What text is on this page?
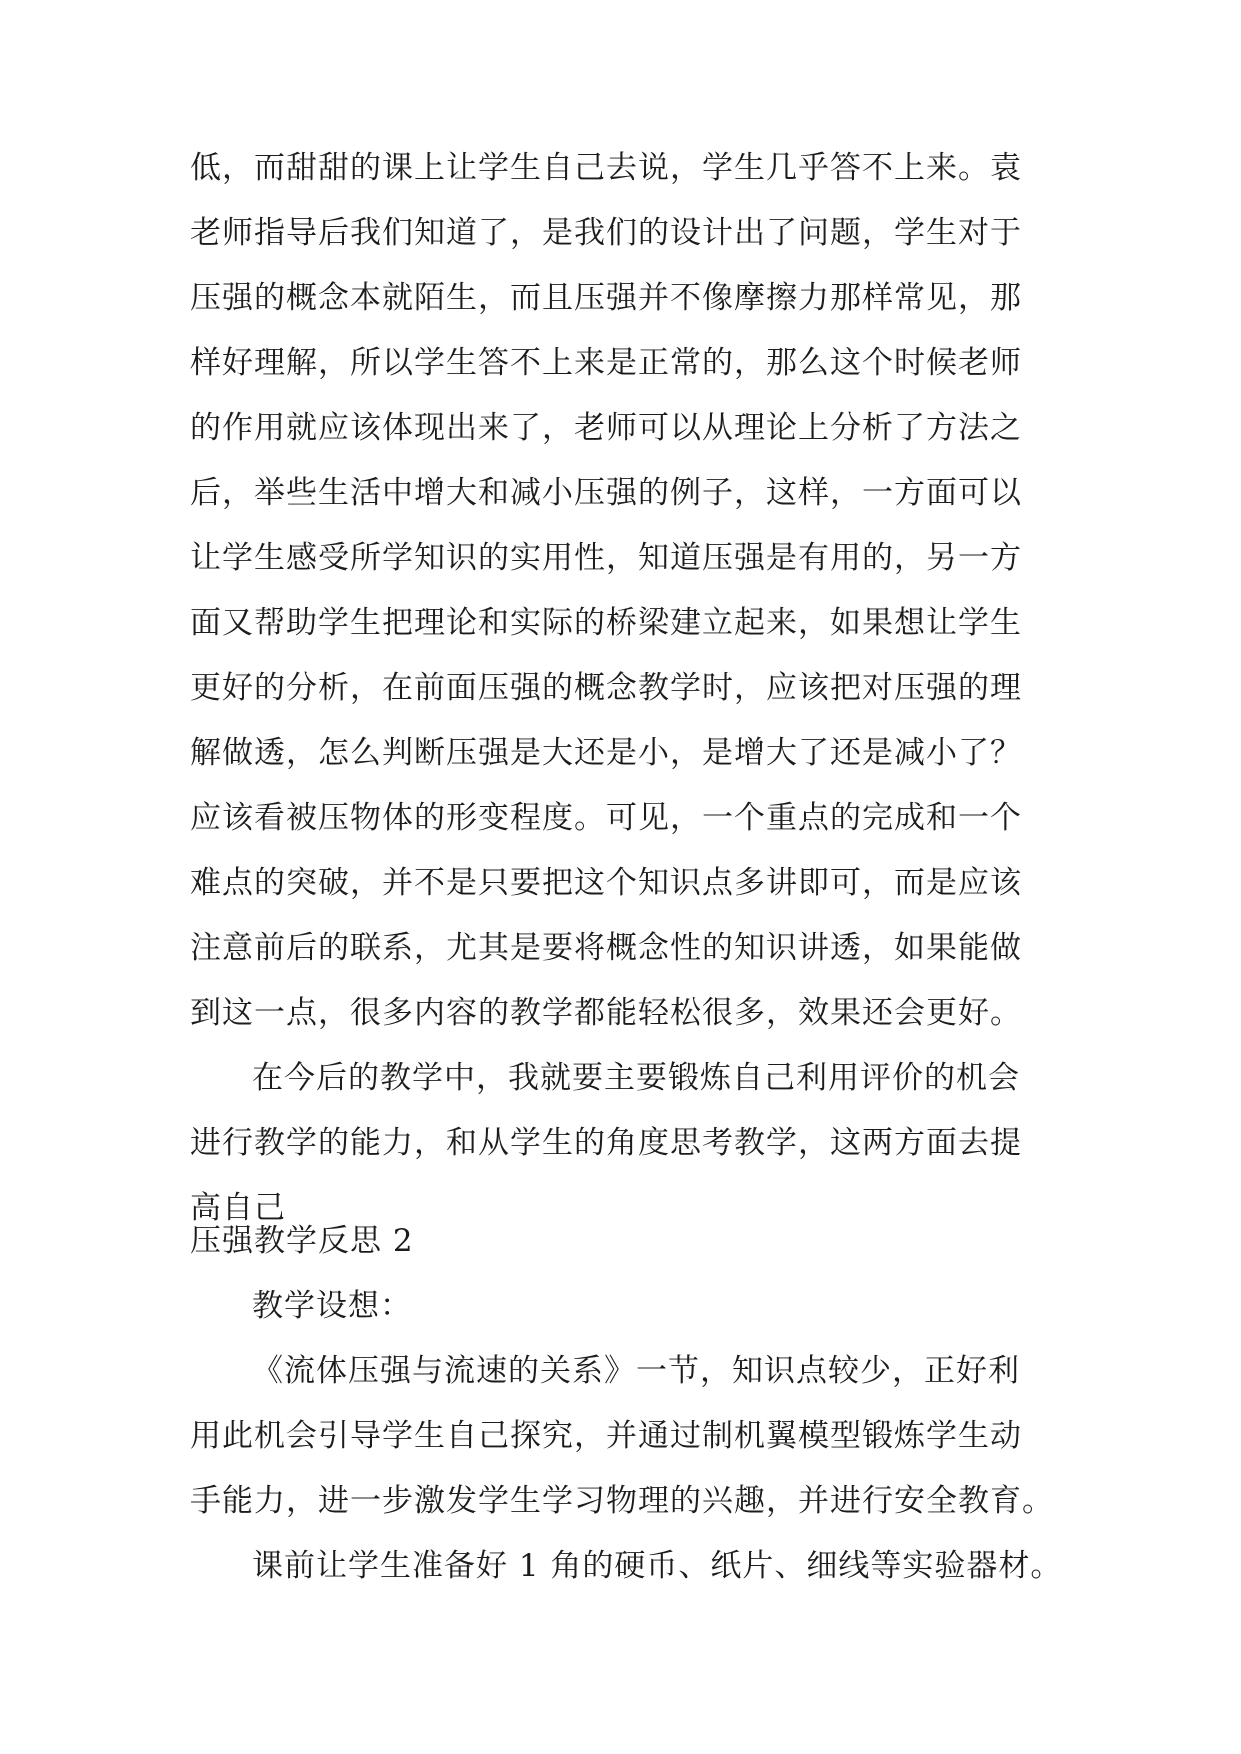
低，而甜甜的课上让学生自己去说，学生几乎答不上来。袁
老师指导后我们知道了，是我们的设计出了问题，学生对于
压强的概念本就陌生，而且压强并不像摩擦力那样常见，那
样好理解，所以学生答不上来是正常的，那么这个时候老师
的作用就应该体现出来了，老师可以从理论上分析了方法之
后，举些生活中增大和减小压强的例子，这样，一方面可以
让学生感受所学知识的实用性，知道压强是有用的，另一方
面又帮助学生把理论和实际的桥梁建立起来，如果想让学生
更好的分析，在前面压强的概念教学时，应该把对压强的理
解做透，怎么判断压强是大还是小，是增大了还是减小了？
应该看被压物体的形变程度。可见，一个重点的完成和一个
难点的突破，并不是只要把这个知识点多讲即可，而是应该
注意前后的联系，尤其是要将概念性的知识讲透，如果能做
到这一点，很多内容的教学都能轻松很多，效果还会更好。
在今后的教学中，我就要主要锻炼自己利用评价的机会
进行教学的能力，和从学生的角度思考教学，这两方面去提
高自己
压强教学反思 2
教学设想：
《流体压强与流速的关系》一节，知识点较少，正好利
用此机会引导学生自己探究，并通过制机翼模型锻炼学生动
手能力，进一步激发学生学习物理的兴趣，并进行安全教育。
课前让学生准备好 1 角的硬币、纸片、细线等实验器材。
